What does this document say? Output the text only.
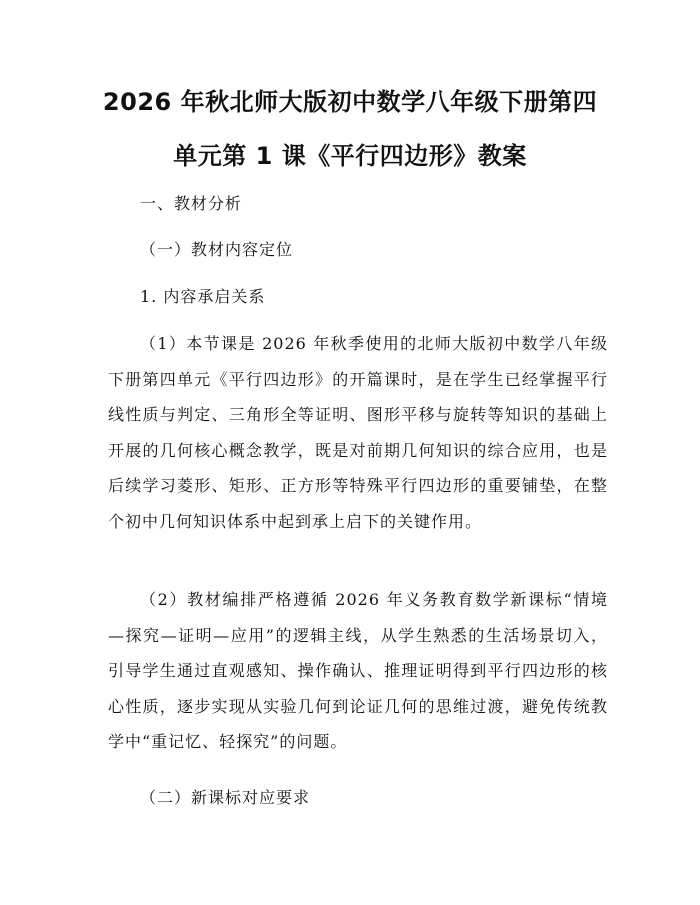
2026 年秋北师大版初中数学八年级下册第四
单元第 1 课《平行四边形》教案

一、教材分析

（一）教材内容定位

1. 内容承启关系

（1）本节课是 2026 年秋季使用的北师大版初中数学八年级下册第四单元《平行四边形》的开篇课时，是在学生已经掌握平行线性质与判定、三角形全等证明、图形平移与旋转等知识的基础上开展的几何核心概念教学，既是对前期几何知识的综合应用，也是后续学习菱形、矩形、正方形等特殊平行四边形的重要铺垫，在整个初中几何知识体系中起到承上启下的关键作用。

（2）教材编排严格遵循 2026 年义务教育数学新课标“情境—探究—证明—应用”的逻辑主线，从学生熟悉的生活场景切入，引导学生通过直观感知、操作确认、推理证明得到平行四边形的核心性质，逐步实现从实验几何到论证几何的思维过渡，避免传统教学中“重记忆、轻探究”的问题。

（二）新课标对应要求
